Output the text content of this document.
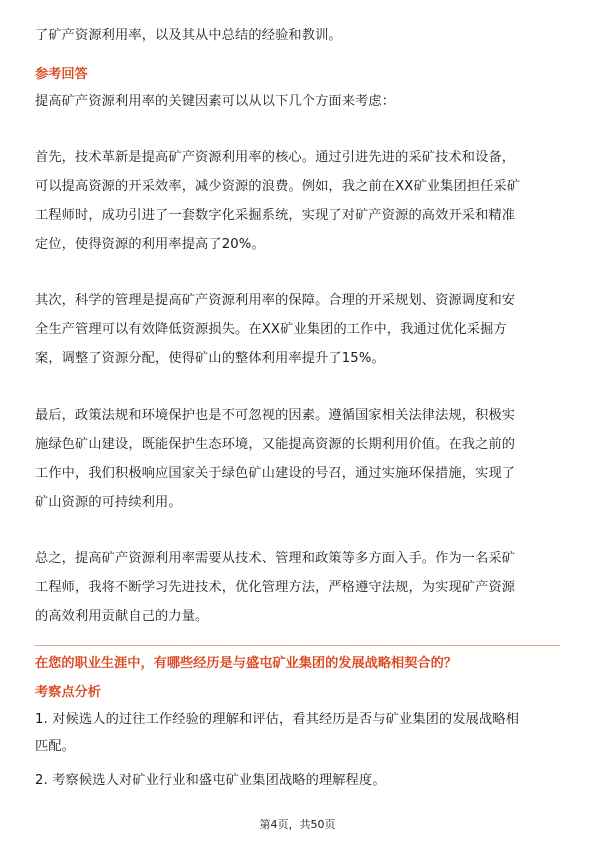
了矿产资源利用率，以及其从中总结的经验和教训。
参考回答
提高矿产资源利用率的关键因素可以从以下几个方面来考虑：
首先，技术革新是提高矿产资源利用率的核心。通过引进先进的采矿技术和设备，
可以提高资源的开采效率，减少资源的浪费。例如，我之前在XX矿业集团担任采矿
工程师时，成功引进了一套数字化采掘系统，实现了对矿产资源的高效开采和精准
定位，使得资源的利用率提高了20%。
其次，科学的管理是提高矿产资源利用率的保障。合理的开采规划、资源调度和安
全生产管理可以有效降低资源损失。在XX矿业集团的工作中，我通过优化采掘方
案，调整了资源分配，使得矿山的整体利用率提升了15%。
最后，政策法规和环境保护也是不可忽视的因素。遵循国家相关法律法规，积极实
施绿色矿山建设，既能保护生态环境，又能提高资源的长期利用价值。在我之前的
工作中，我们积极响应国家关于绿色矿山建设的号召，通过实施环保措施，实现了
矿山资源的可持续利用。
总之，提高矿产资源利用率需要从技术、管理和政策等多方面入手。作为一名采矿
工程师，我将不断学习先进技术，优化管理方法，严格遵守法规，为实现矿产资源
的高效利用贡献自己的力量。
在您的职业生涯中，有哪些经历是与盛屯矿业集团的发展战略相契合的？
考察点分析
1. 对候选人的过往工作经验的理解和评估，看其经历是否与矿业集团的发展战略相
匹配。
2. 考察候选人对矿业行业和盛屯矿业集团战略的理解程度。
第4页，共50页
